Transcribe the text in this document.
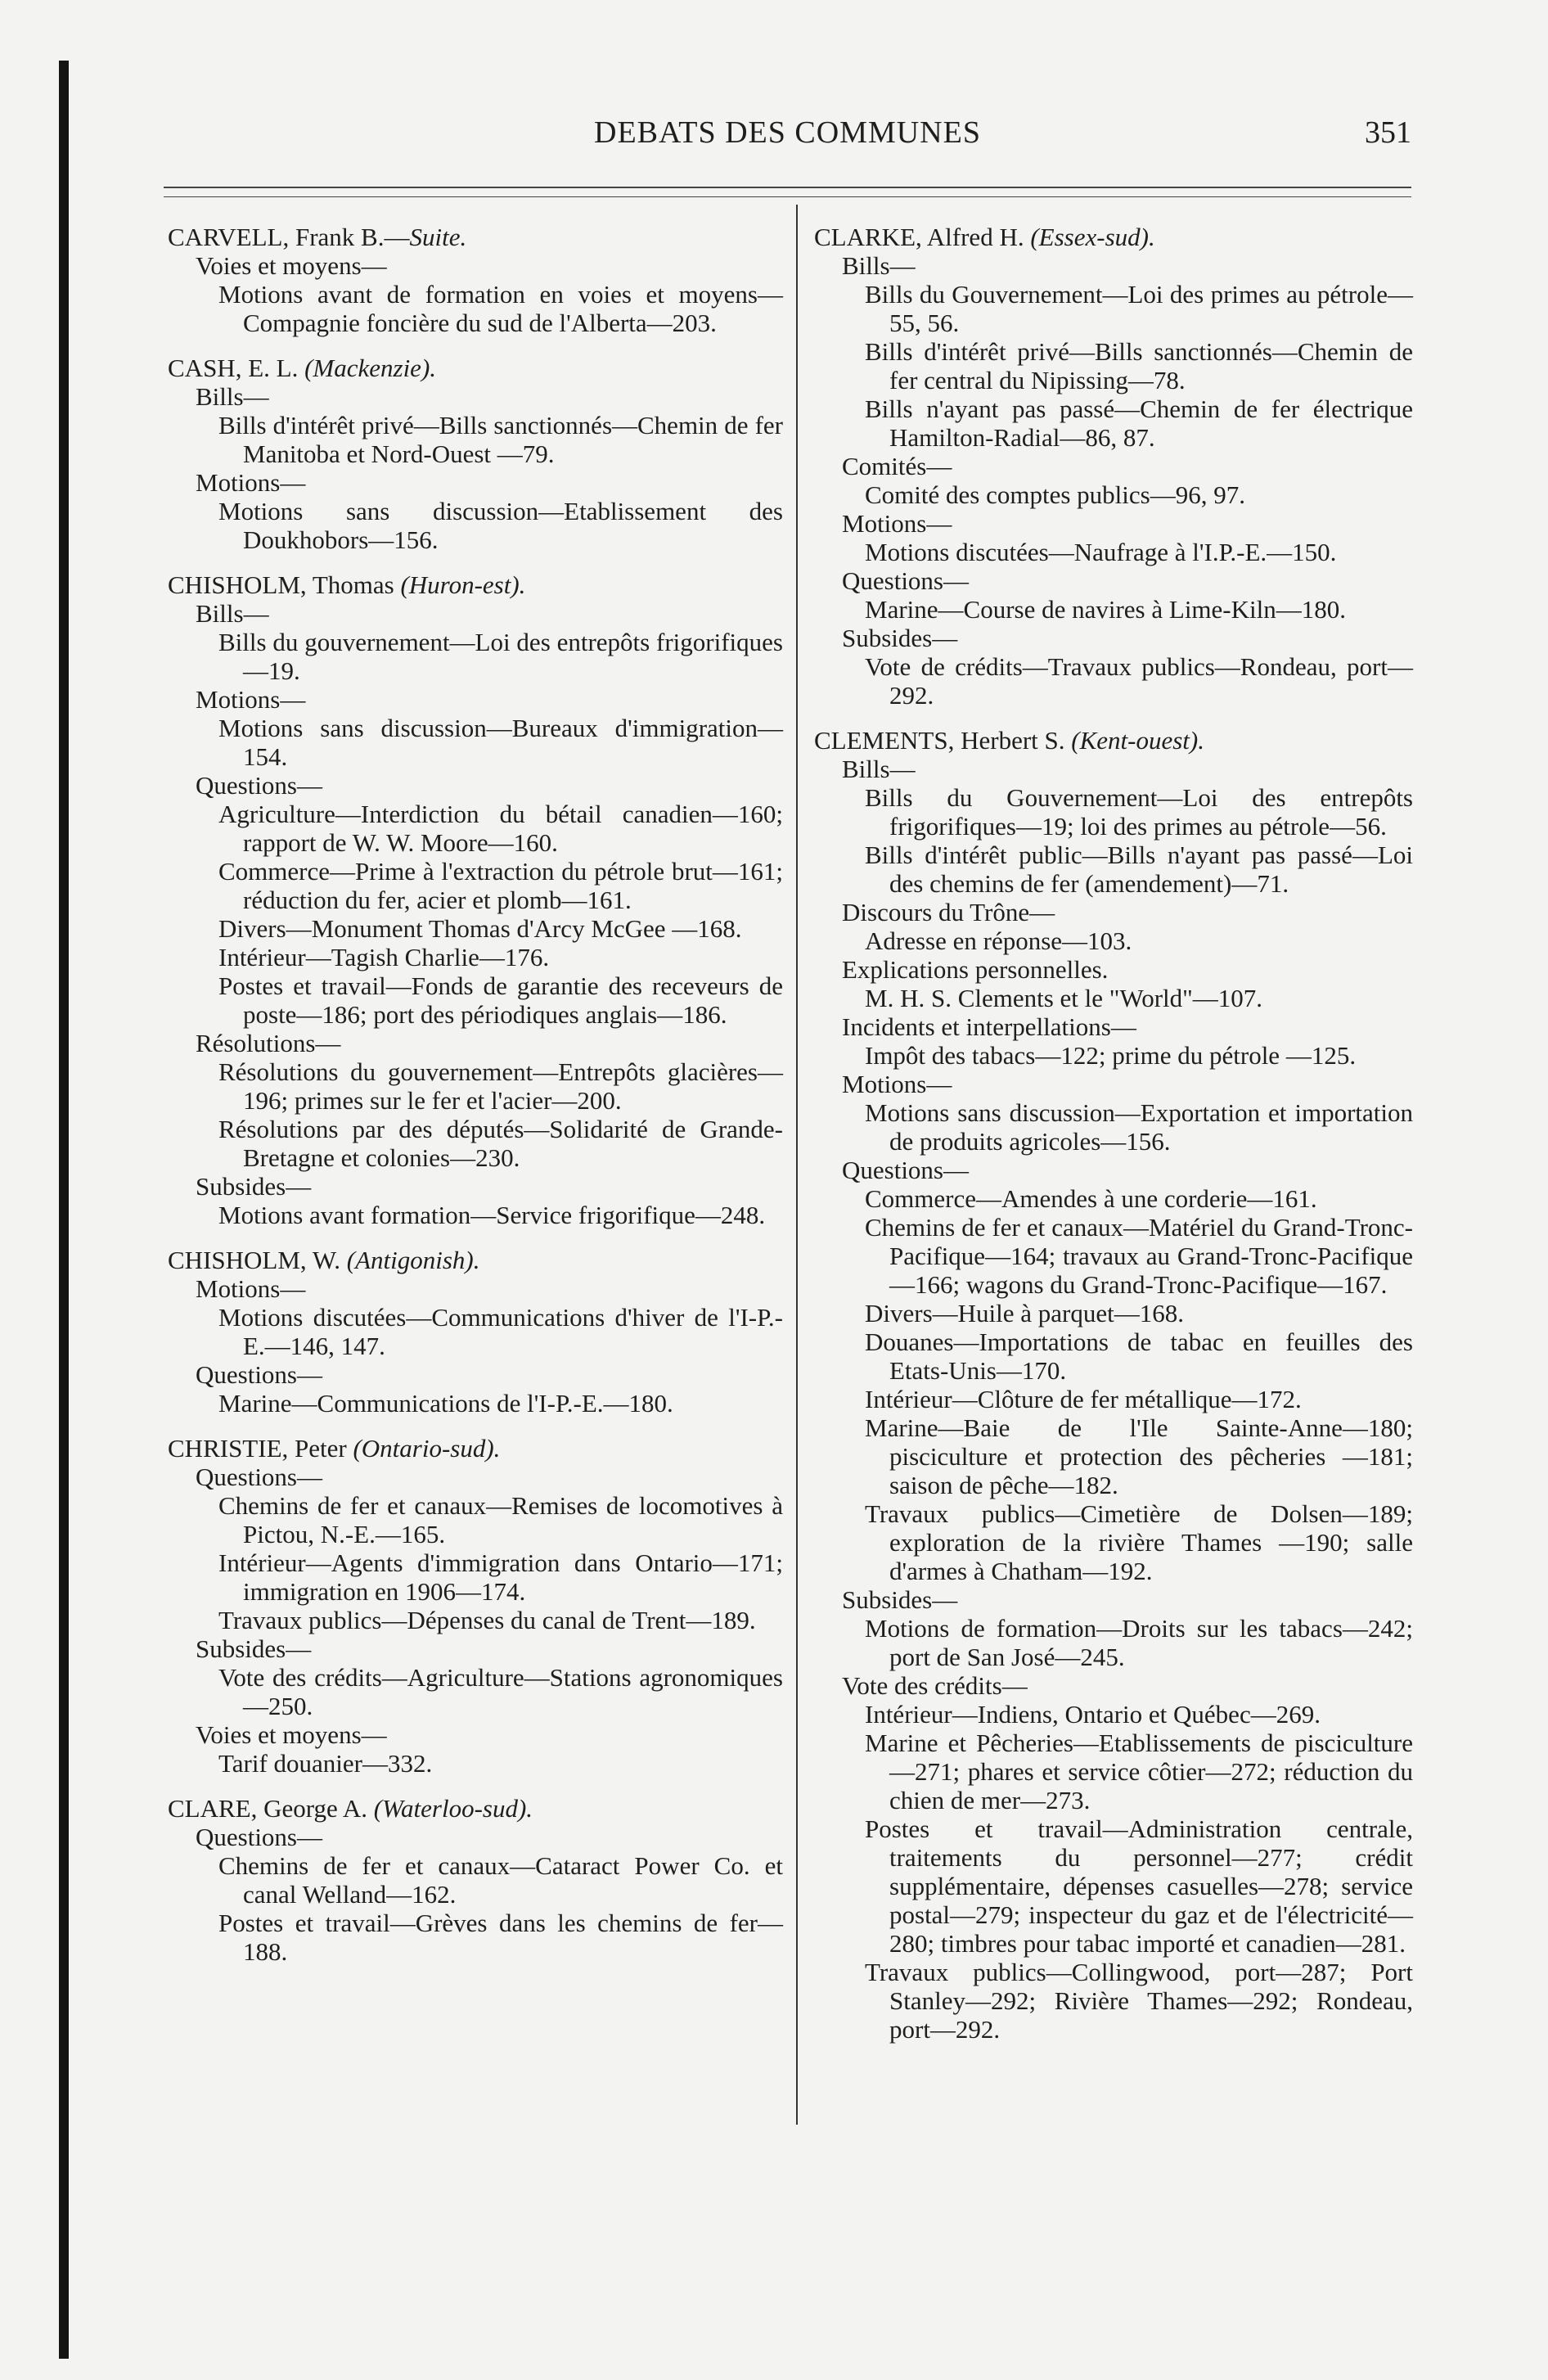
DEBATS DES COMMUNES	351
CARVELL, Frank B.—Suite.
Voies et moyens—
Motions avant de formation en voies et moyens—Compagnie foncière du sud de l'Alberta—203.
CASH, E. L. (Mackenzie).
Bills—
Bills d'intérêt privé—Bills sanctionnés—Chemin de fer Manitoba et Nord-Ouest —79.
Motions—
Motions sans discussion—Etablissement des Doukhobors—156.
CHISHOLM, Thomas (Huron-est).
Bills—
Bills du gouvernement—Loi des entrepôts frigorifiques—19.
Motions—
Motions sans discussion—Bureaux d'immigration—154.
Questions—
Agriculture—Interdiction du bétail canadien—160; rapport de W. W. Moore—160.
Commerce—Prime à l'extraction du pétrole brut—161; réduction du fer, acier et plomb—161.
Divers—Monument Thomas d'Arcy McGee —168.
Intérieur—Tagish Charlie—176.
Postes et travail—Fonds de garantie des receveurs de poste—186; port des périodiques anglais—186.
Résolutions—
Résolutions du gouvernement—Entrepôts glacières—196; primes sur le fer et l'acier—200.
Résolutions par des députés—Solidarité de Grande-Bretagne et colonies—230.
Subsides—
Motions avant formation—Service frigorifique—248.
CHISHOLM, W. (Antigonish).
Motions—
Motions discutées—Communications d'hiver de l'I-P.-E.—146, 147.
Questions—
Marine—Communications de l'I-P.-E.—180.
CHRISTIE, Peter (Ontario-sud).
Questions—
Chemins de fer et canaux—Remises de locomotives à Pictou, N.-E.—165.
Intérieur—Agents d'immigration dans Ontario—171; immigration en 1906—174.
Travaux publics—Dépenses du canal de Trent—189.
Subsides—
Vote des crédits—Agriculture—Stations agronomiques—250.
Voies et moyens—
Tarif douanier—332.
CLARE, George A. (Waterloo-sud).
Questions—
Chemins de fer et canaux—Cataract Power Co. et canal Welland—162.
Postes et travail—Grèves dans les chemins de fer—188.
CLARKE, Alfred H. (Essex-sud).
Bills—
Bills du Gouvernement—Loi des primes au pétrole—55, 56.
Bills d'intérêt privé—Bills sanctionnés—Chemin de fer central du Nipissing—78.
Bills n'ayant pas passé—Chemin de fer électrique Hamilton-Radial—86, 87.
Comités—
Comité des comptes publics—96, 97.
Motions—
Motions discutées—Naufrage à l'I.P.-E.—150.
Questions—
Marine—Course de navires à Lime-Kiln—180.
Subsides—
Vote de crédits—Travaux publics—Rondeau, port—292.
CLEMENTS, Herbert S. (Kent-ouest).
Bills—
Bills du Gouvernement—Loi des entrepôts frigorifiques—19; loi des primes au pétrole—56.
Bills d'intérêt public—Bills n'ayant pas passé—Loi des chemins de fer (amendement)—71.
Discours du Trône—
Adresse en réponse—103.
Explications personnelles.
M. H. S. Clements et le "World"—107.
Incidents et interpellations—
Impôt des tabacs—122; prime du pétrole —125.
Motions—
Motions sans discussion—Exportation et importation de produits agricoles—156.
Questions—
Commerce—Amendes à une corderie—161.
Chemins de fer et canaux—Matériel du Grand-Tronc-Pacifique—164; travaux au Grand-Tronc-Pacifique—166; wagons du Grand-Tronc-Pacifique—167.
Divers—Huile à parquet—168.
Douanes—Importations de tabac en feuilles des Etats-Unis—170.
Intérieur—Clôture de fer métallique—172.
Marine—Baie de l'Ile Sainte-Anne—180; pisciculture et protection des pêcheries —181; saison de pêche—182.
Travaux publics—Cimetière de Dolsen—189; exploration de la rivière Thames —190; salle d'armes à Chatham—192.
Subsides—
Motions de formation—Droits sur les tabacs—242; port de San José—245.
Vote des crédits—
Intérieur—Indiens, Ontario et Québec—269.
Marine et Pêcheries—Etablissements de pisciculture—271; phares et service côtier—272; réduction du chien de mer—273.
Postes et travail—Administration centrale, traitements du personnel—277; crédit supplémentaire, dépenses casuelles—278; service postal—279; inspecteur du gaz et de l'électricité—280; timbres pour tabac importé et canadien—281.
Travaux publics—Collingwood, port—287; Port Stanley—292; Rivière Thames—292; Rondeau, port—292.
